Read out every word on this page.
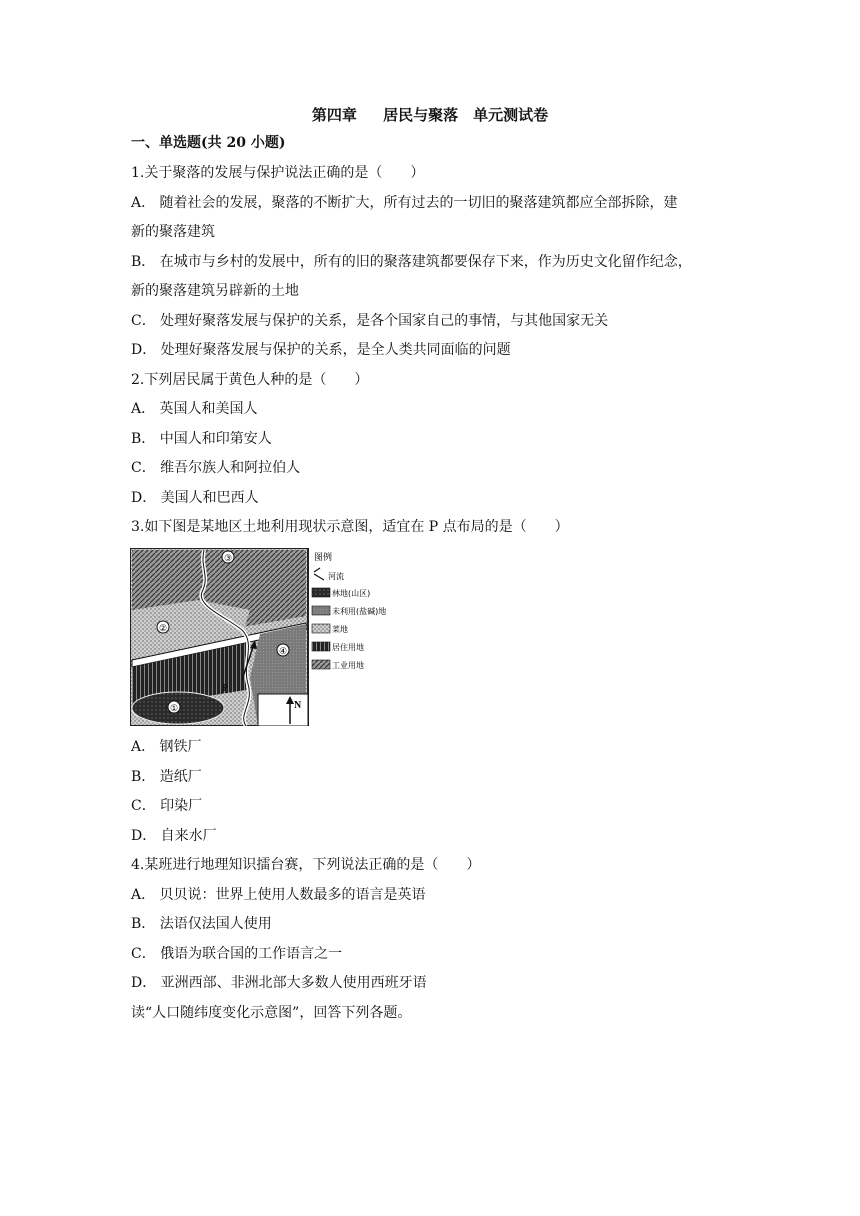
第四章　 居民与聚落　单元测试卷
一、单选题(共 20 小题)
1.关于聚落的发展与保护说法正确的是（　　）
A． 随着社会的发展，聚落的不断扩大，所有过去的一切旧的聚落建筑都应全部拆除，建
新的聚落建筑
B． 在城市与乡村的发展中，所有的旧的聚落建筑都要保存下来，作为历史文化留作纪念，
新的聚落建筑另辟新的土地
C． 处理好聚落发展与保护的关系，是各个国家自己的事情，与其他国家无关
D． 处理好聚落发展与保护的关系，是全人类共同面临的问题
2.下列居民属于黄色人种的是（　　）
A． 英国人和美国人
B． 中国人和印第安人
C． 维吾尔族人和阿拉伯人
D． 美国人和巴西人
3.如下图是某地区土地利用现状示意图，适宜在 P 点布局的是（　　）
N
③
②
④
①
P
图例
河流
林地(山区)
未利用(盐碱)地
菜地
居住用地
工业用地
A． 钢铁厂
B． 造纸厂
C． 印染厂
D． 自来水厂
4.某班进行地理知识擂台赛，下列说法正确的是（　　）
A． 贝贝说：世界上使用人数最多的语言是英语
B． 法语仅法国人使用
C． 俄语为联合国的工作语言之一
D． 亚洲西部、非洲北部大多数人使用西班牙语
读“人口随纬度变化示意图”，回答下列各题。
